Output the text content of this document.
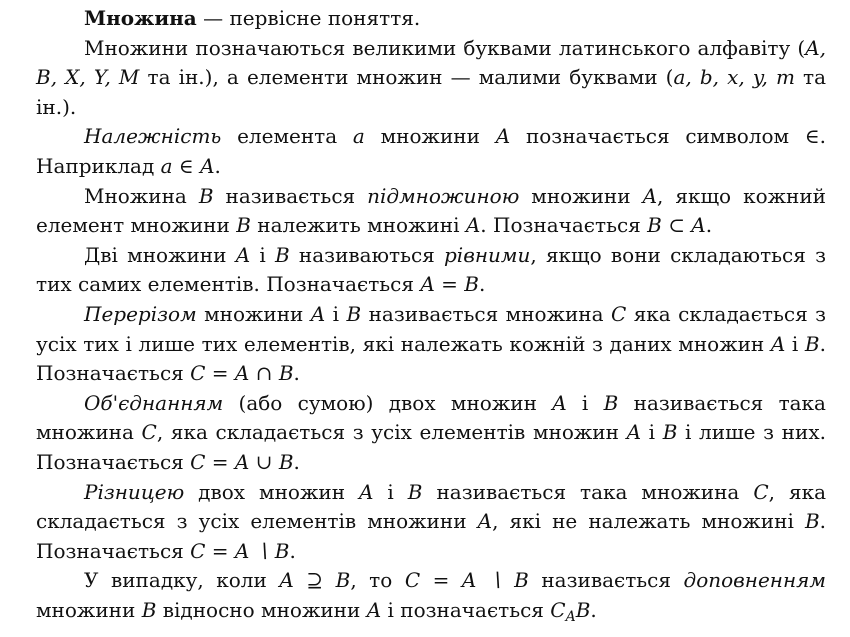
Множина — первісне поняття.

Множини позначаються великими буквами латинського алфавіту (A, B, X, Y, M та ін.), а елементи множин — малими буквами (a, b, x, y, m та ін.).

Належність елемента a множини A позначається символом ∈. Наприклад a ∈ A.

Множина B називається підмножиною множини A, якщо кожний елемент множини B належить множині A. Позначається B ⊂ A.

Дві множини A і B називаються рівними, якщо вони складаються з тих самих елементів. Позначається A = B.

Перерізом множини A і B називається множина C яка складається з усіх тих і лише тих елементів, які належать кожній з даних множин A і B. Позначається C = A ∩ B.

Об'єднанням (або сумою) двох множин A і B називається така множина C, яка складається з усіх елементів множин A і B і лише з них. Позначається C = A ∪ B.

Різницею двох множин A і B називається така множина C, яка складається з усіх елементів множини A, які не належать множині B. Позначається C = A ∖ B.

У випадку, коли A ⊇ B, то C = A ∖ B називається доповненням множини B відносно множини A і позначається $C_AB$.
